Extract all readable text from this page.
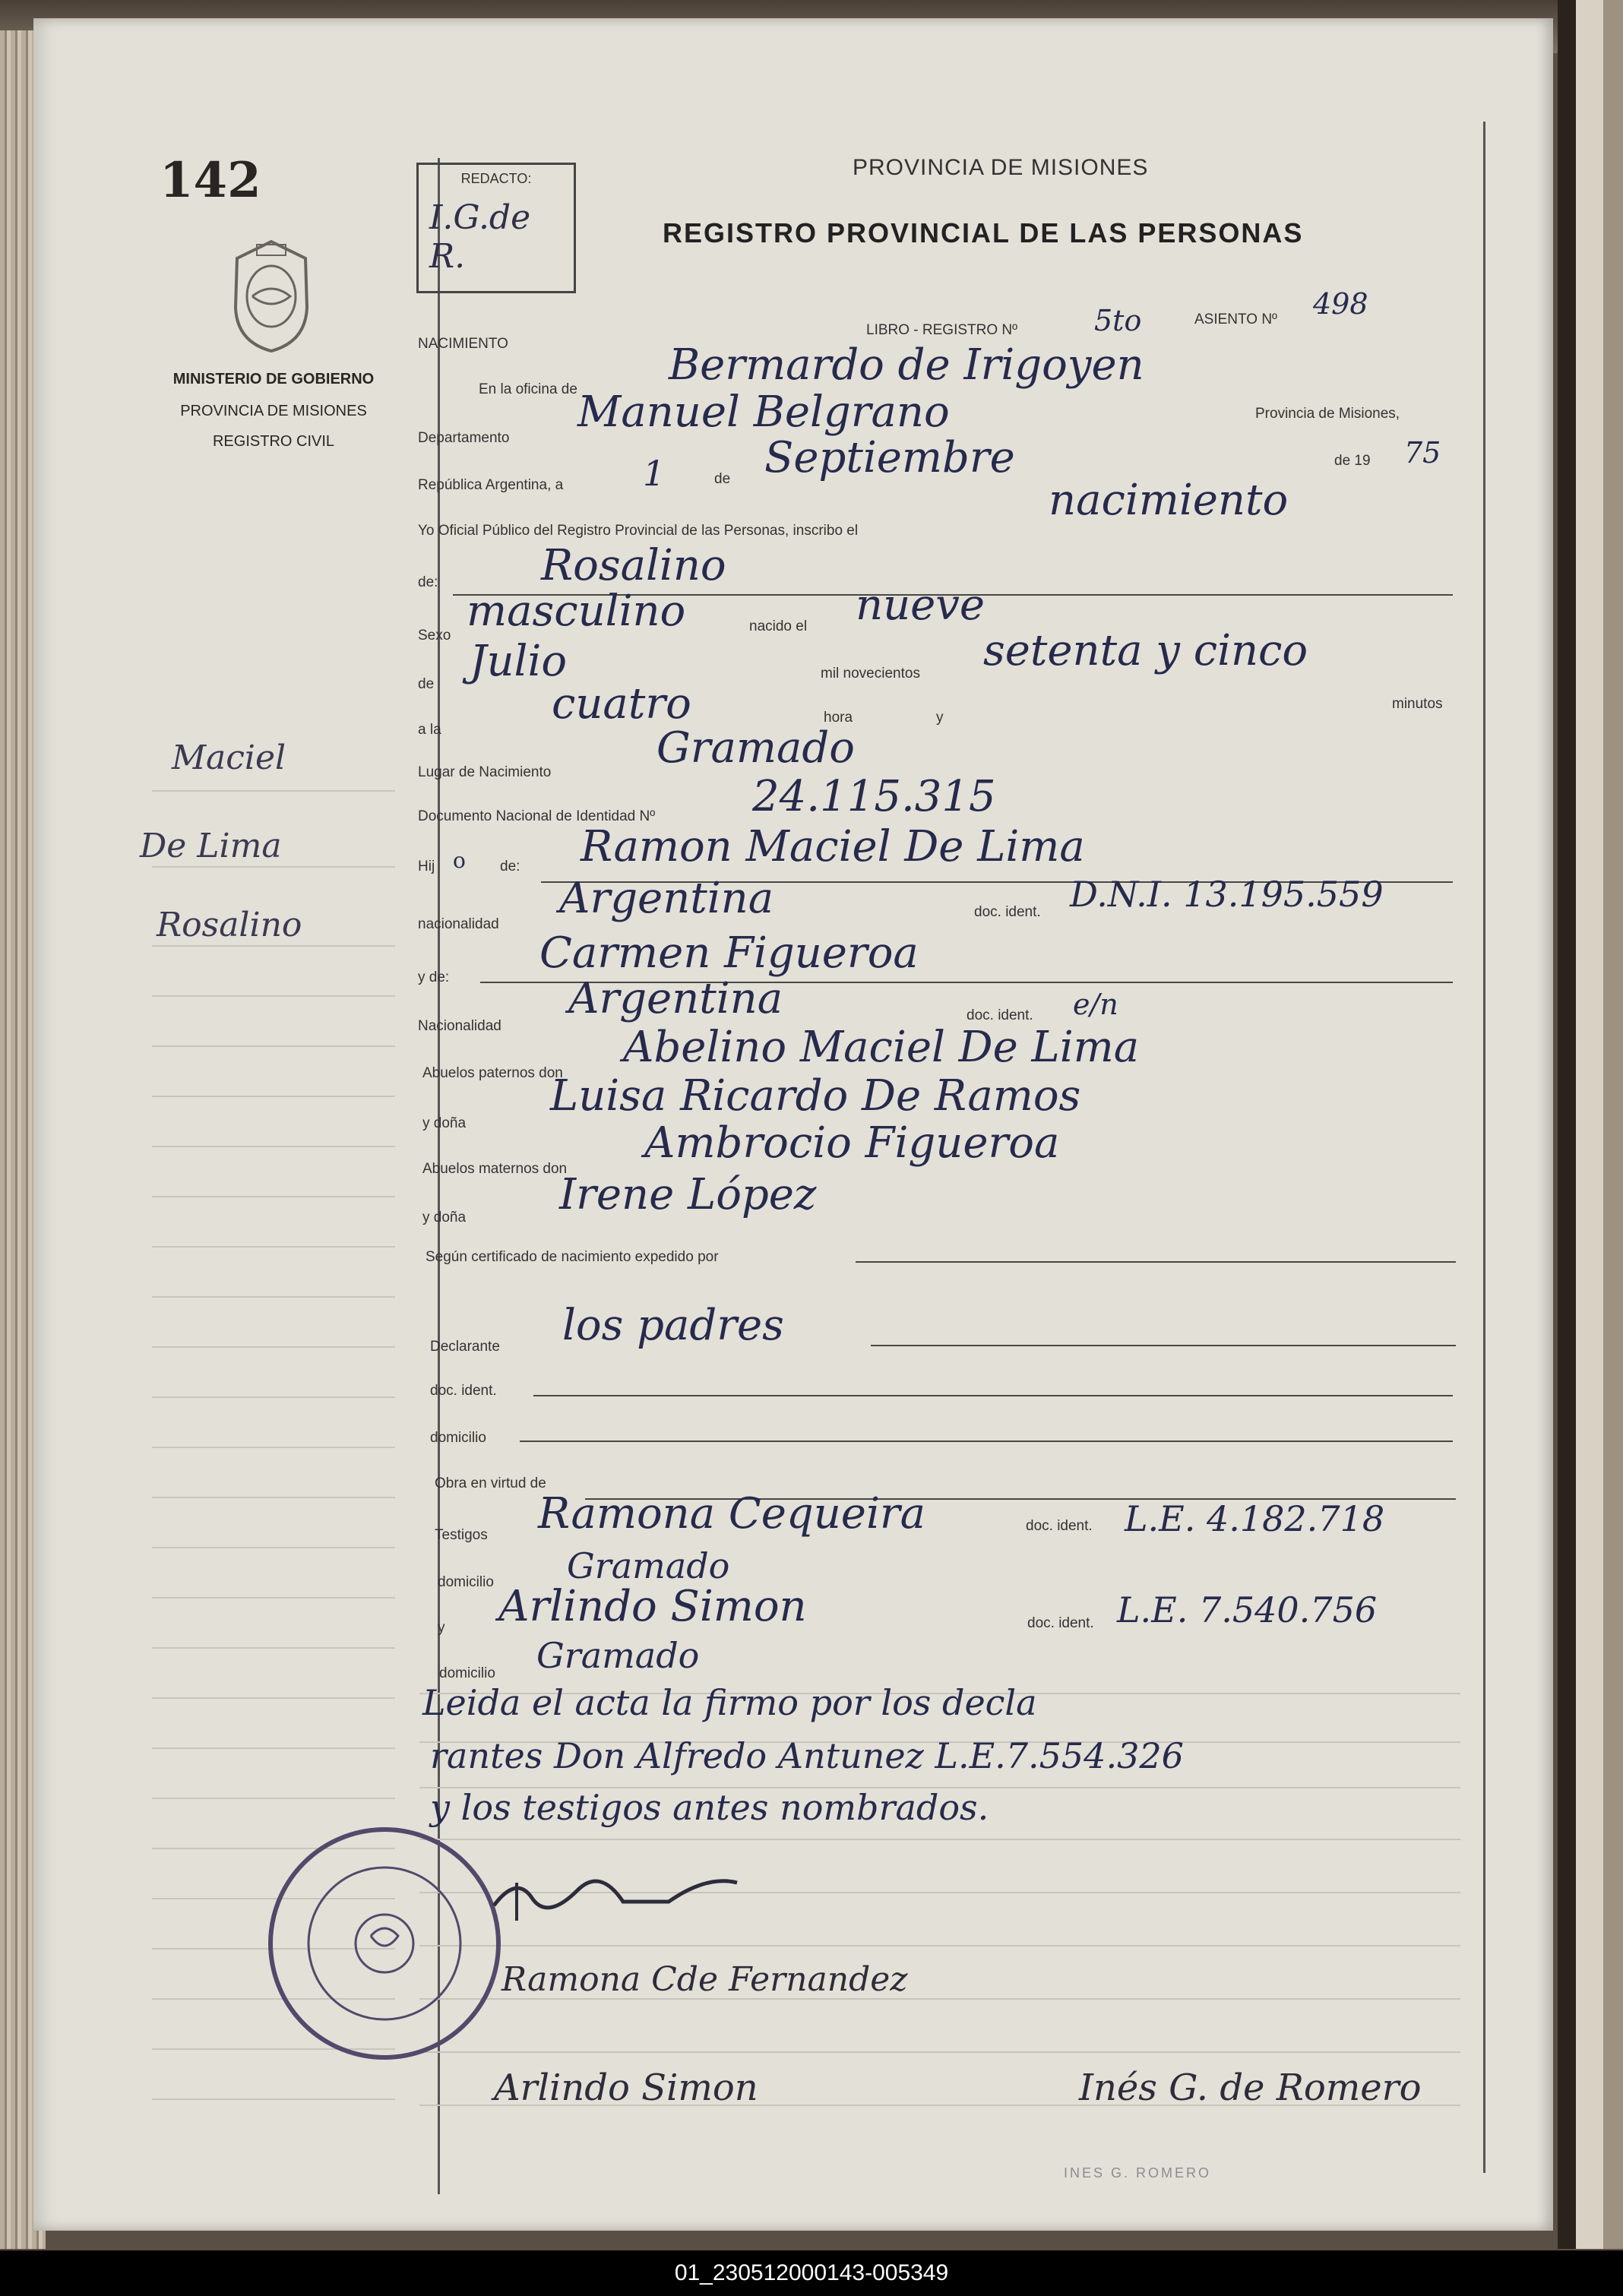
142
MINISTERIO DE GOBIERNO
PROVINCIA DE MISIONES
REGISTRO CIVIL
Maciel
De Lima
Rosalino
REDACTO:
I.G.de R.
PROVINCIA DE MISIONES
REGISTRO PROVINCIAL DE LAS PERSONAS
NACIMIENTO
LIBRO - REGISTRO Nº	5to	ASIENTO Nº 498
En la oficina de Bermardo de Irigoyen
Departamento
Manuel Belgrano	Provincia de Misiones,
República Argentina, a 1	de Septiembre	de 19 75
Yo Oficial Público del Registro Provincial de las Personas, inscribo el
nacimiento
de: Rosalino
Sexo masculino	nacido el nueve
de Julio	mil novecientos setenta y cinco
a la
cuatro	hora	y
minutos
Lugar de Nacimiento Gramado
Documento Nacional de Identidad Nº 24.115.315
Hij o de: Ramon Maciel De Lima
nacionalidad
Argentina	doc. ident. D.N.I. 13.195.559
y de: Carmen Figueroa
Nacionalidad
Argentina	doc. ident. e/n
Abuelos paternos don
Abelino Maciel De Lima
y doña
Luisa Ricardo De Ramos
Abuelos maternos don
Ambrocio Figueroa
y doña Irene López
Según certificado de nacimiento expedido por
Declarante los padres
doc. ident.
domicilio
Obra en virtud de
Testigos Ramona Cequeira	doc. ident. L.E. 4.182.718
domicilio Gramado
y Arlindo Simon	doc. ident. L.E. 7.540.756
domicilio Gramado
Leida el acta la firmo por los decla
rantes Don Alfredo Antunez L.E.7.554.326
y los testigos antes nombrados.
Ramona Cde Fernandez
Arlindo Simon	Inés G. de Romero
INES G. ROMERO
01_230512000143-005349
